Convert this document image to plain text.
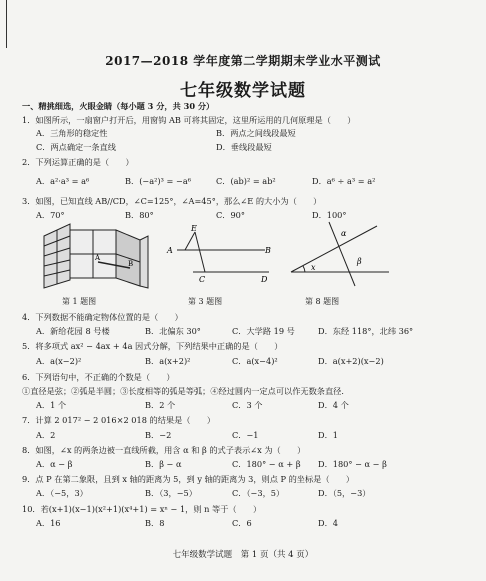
2017—2018 学年度第二学期期末学业水平测试
七年级数学试题
一、精挑细选，火眼金睛（每小题 3 分，共 30 分）
1．如图所示，一扇窗户打开后，用窗钩 AB 可将其固定，这里所运用的几何原理是（　　）
A．三角形的稳定性	B．两点之间线段最短
C．两点确定一条直线	D．垂线段最短
2．下列运算正确的是（　　）
A．a²·a³ = a⁶	B．(−a²)³ = −a⁶	C．(ab)² = ab²	D．a⁶ ÷ a³ = a²
3．如图，已知直线 AB//CD，∠C=125°，∠A=45°，那么∠E 的大小为（　　）
A．70°	B．80°	C．90°	D．100°
A
B
E
A	B
C	D
x
α
β
第 1 题图	第 3 题图	第 8 题图
4．下列数据不能确定物体位置的是（　　）
A．新给花园 8 号楼	B．北偏东 30°	C．大学路 19 号	D．东经 118°，北纬 36°
5．将多项式 ax² − 4ax + 4a 因式分解，下列结果中正确的是（　　）
A．a(x−2)²	B．a(x+2)²	C．a(x−4)²	D．a(x+2)(x−2)
6．下列语句中，不正确的个数是（　　）
①直径是弦；②弧是半圆；③长度相等的弧是等弧；④经过圆内一定点可以作无数条直径．
A．1 个	B．2 个	C．3 个	D．4 个
7．计算 2 017² − 2 016×2 018 的结果是（　　）
A．2	B．−2	C．−1	D．1
8．如图，∠x 的两条边被一直线所截，用含 α 和 β 的式子表示∠x 为（　　）
A．α − β	B．β − α	C．180° − α + β D．180° − α − β
9．点 P 在第二象限，且到 x 轴的距离为 5，到 y 轴的距离为 3，则点 P 的坐标是（　　）
A．（−5，3）	B．（3，−5）	C．（−3，5）	D．（5，−3）
10．若(x+1)(x−1)(x²+1)(x⁴+1) = xⁿ − 1，则 n 等于（　　）
A．16	B．8	C．6	D．4
七年级数学试题　第 1 页（共 4 页）
